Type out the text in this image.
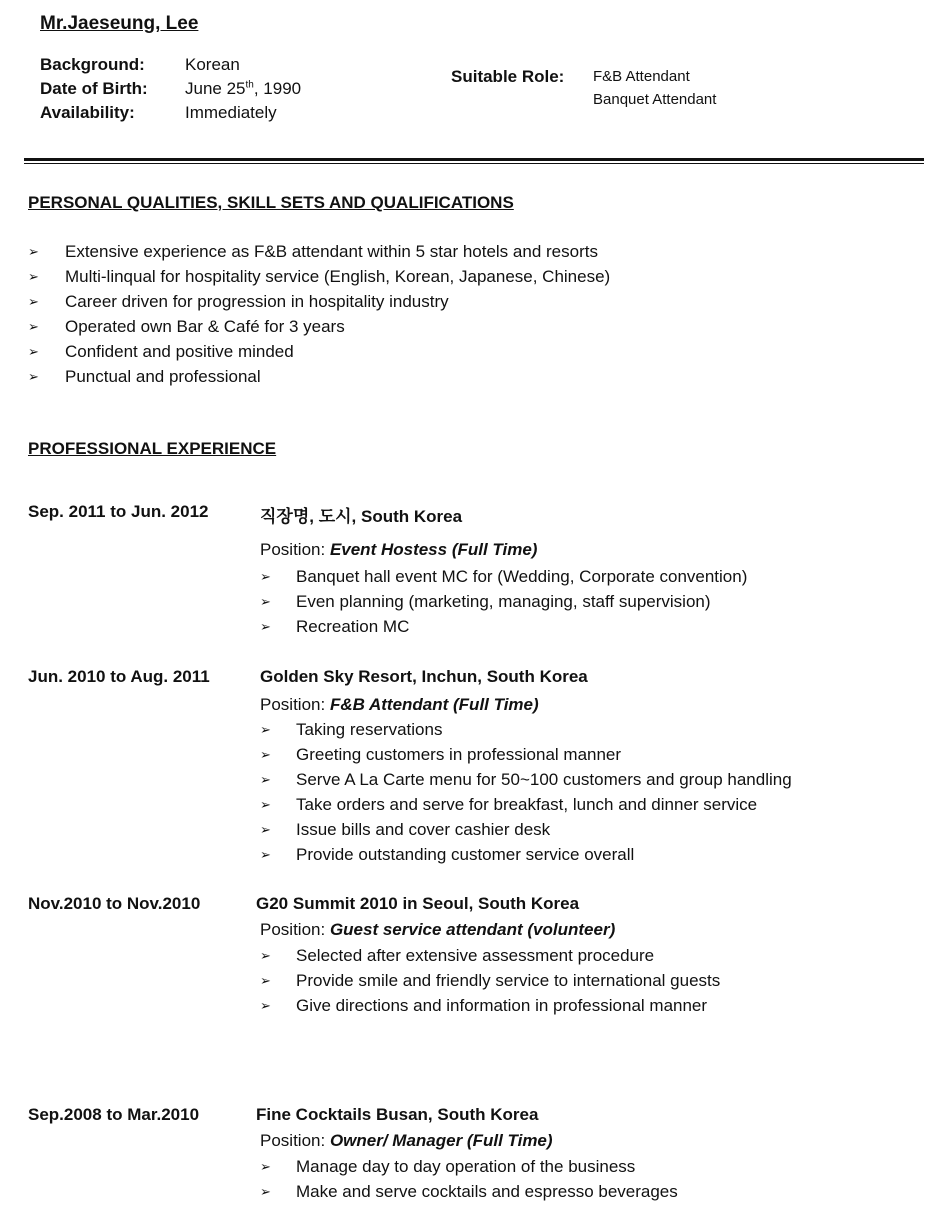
Mr.Jaeseung, Lee
Background: Korean
Date of Birth: June 25th, 1990
Availability:	Immediately
Suitable Role: F&B Attendant
Banquet Attendant
PERSONAL QUALITIES, SKILL SETS AND QUALIFICATIONS
➢ Extensive experience as F&B attendant within 5 star hotels and resorts
➢ Multi-linqual for hospitality service (English, Korean, Japanese, Chinese)
➢ Career driven for progression in hospitality industry
➢ Operated own Bar & Café for 3 years
➢ Confident and positive minded
➢ Punctual and professional
PROFESSIONAL EXPERIENCE
Sep. 2011 to Jun. 2012	직장명, 도시, South Korea
Position: Event Hostess (Full Time)
➢ Banquet hall event MC for (Wedding, Corporate convention)
➢ Even planning (marketing, managing, staff supervision)
➢ Recreation MC
Jun. 2010 to Aug. 2011	Golden Sky Resort, Inchun, South Korea
Position: F&B Attendant (Full Time)
➢ Taking reservations
➢ Greeting customers in professional manner
➢ Serve A La Carte menu for 50~100 customers and group handling
➢ Take orders and serve for breakfast, lunch and dinner service
➢ Issue bills and cover cashier desk
➢ Provide outstanding customer service overall
Nov.2010 to Nov.2010	G20 Summit 2010 in Seoul, South Korea
Position: Guest service attendant (volunteer)
➢ Selected after extensive assessment procedure
➢ Provide smile and friendly service to international guests
➢ Give directions and information in professional manner
Sep.2008 to Mar.2010	Fine Cocktails Busan, South Korea
Position: Owner/ Manager (Full Time)
➢ Manage day to day operation of the business
➢ Make and serve cocktails and espresso beverages
